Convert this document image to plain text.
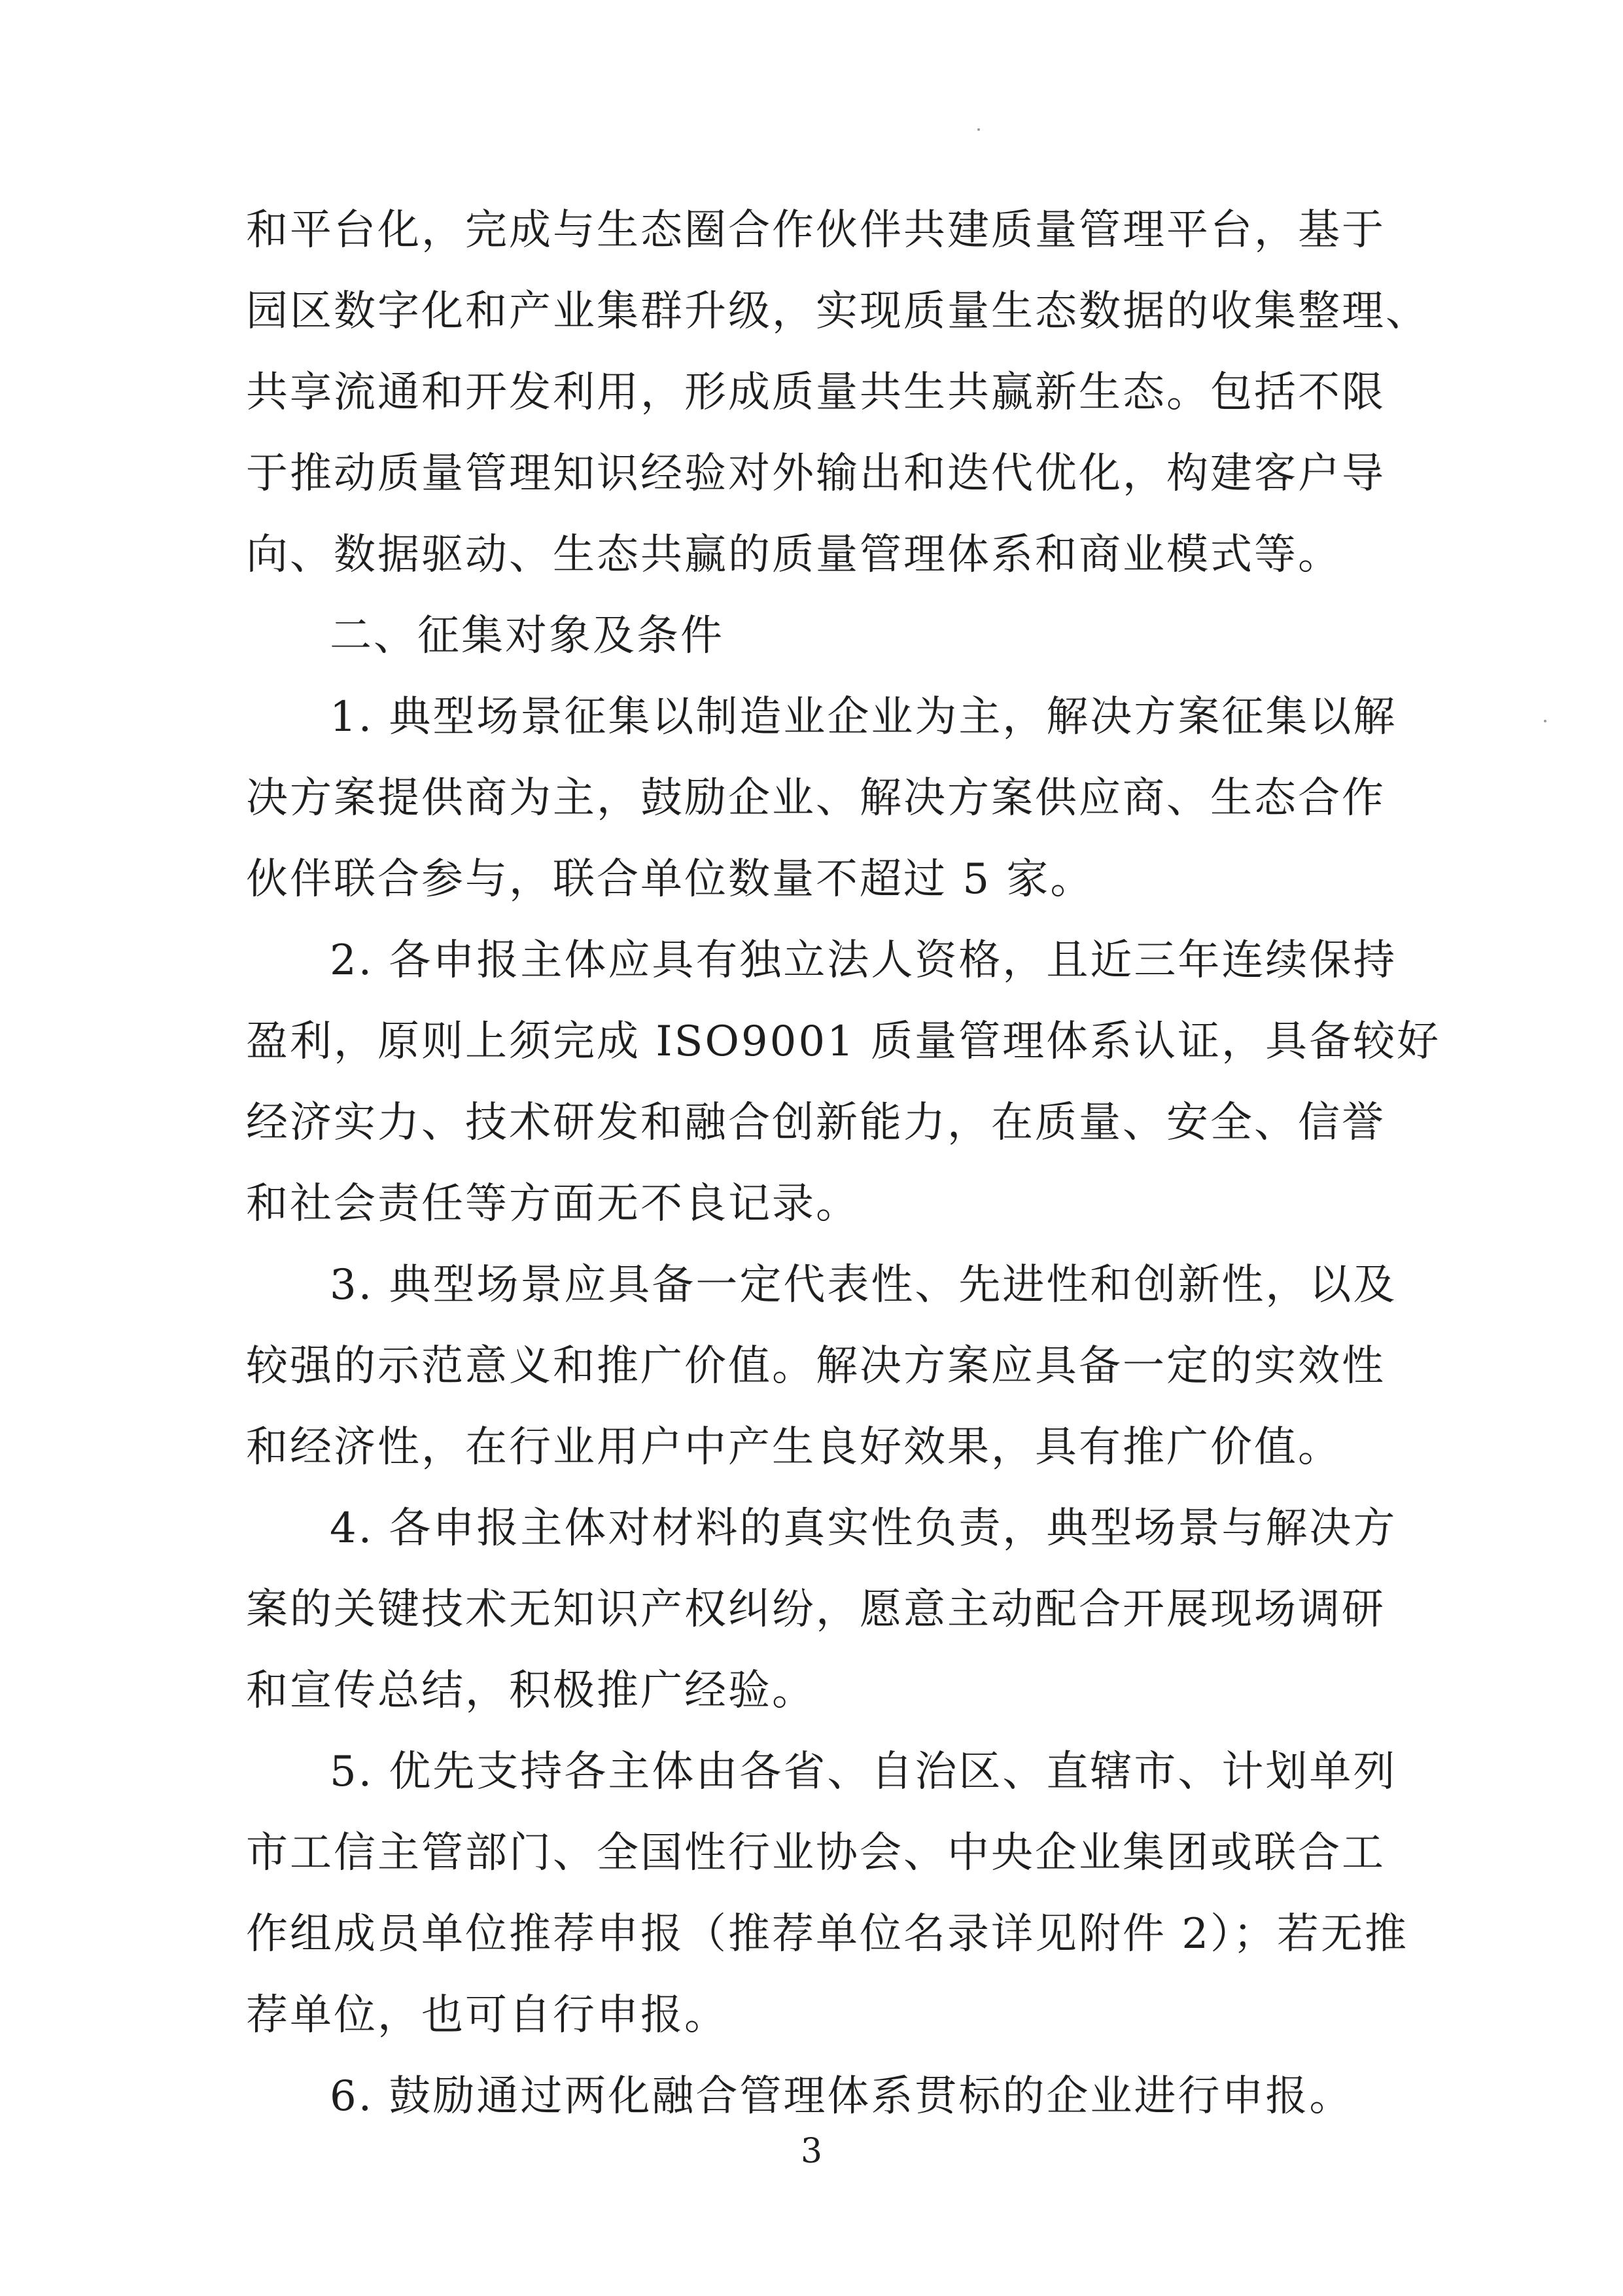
和平台化，完成与生态圈合作伙伴共建质量管理平台，基于
园区数字化和产业集群升级，实现质量生态数据的收集整理、
共享流通和开发利用，形成质量共生共赢新生态。包括不限
于推动质量管理知识经验对外输出和迭代优化，构建客户导
向、数据驱动、生态共赢的质量管理体系和商业模式等。
二、征集对象及条件
1. 典型场景征集以制造业企业为主，解决方案征集以解
决方案提供商为主，鼓励企业、解决方案供应商、生态合作
伙伴联合参与，联合单位数量不超过 5 家。
2. 各申报主体应具有独立法人资格，且近三年连续保持
盈利，原则上须完成 ISO9001 质量管理体系认证，具备较好
经济实力、技术研发和融合创新能力，在质量、安全、信誉
和社会责任等方面无不良记录。
3. 典型场景应具备一定代表性、先进性和创新性，以及
较强的示范意义和推广价值。解决方案应具备一定的实效性
和经济性，在行业用户中产生良好效果，具有推广价值。
4. 各申报主体对材料的真实性负责，典型场景与解决方
案的关键技术无知识产权纠纷，愿意主动配合开展现场调研
和宣传总结，积极推广经验。
5. 优先支持各主体由各省、自治区、直辖市、计划单列
市工信主管部门、全国性行业协会、中央企业集团或联合工
作组成员单位推荐申报（推荐单位名录详见附件 2）；若无推
荐单位，也可自行申报。
6. 鼓励通过两化融合管理体系贯标的企业进行申报。
3
